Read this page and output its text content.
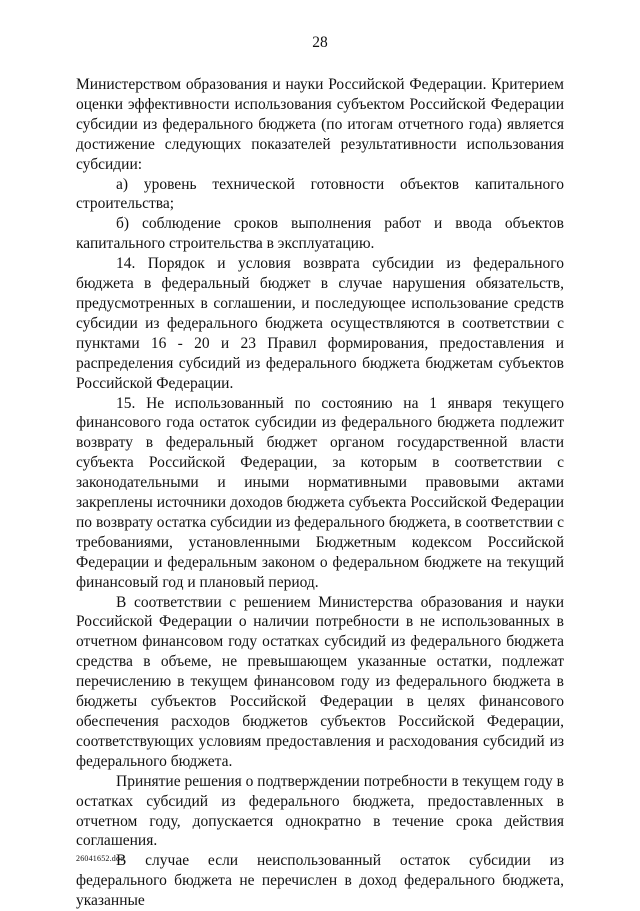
28

Министерством образования и науки Российской Федерации. Критерием оценки эффективности использования субъектом Российской Федерации субсидии из федерального бюджета (по итогам отчетного года) является достижение следующих показателей результативности использования субсидии:

а) уровень технической готовности объектов капитального строительства;

б) соблюдение сроков выполнения работ и ввода объектов капитального строительства в эксплуатацию.

14. Порядок и условия возврата субсидии из федерального бюджета в федеральный бюджет в случае нарушения обязательств, предусмотренных в соглашении, и последующее использование средств субсидии из федерального бюджета осуществляются в соответствии с пунктами 16 - 20 и 23 Правил формирования, предоставления и распределения субсидий из федерального бюджета бюджетам субъектов Российской Федерации.

15. Не использованный по состоянию на 1 января текущего финансового года остаток субсидии из федерального бюджета подлежит возврату в федеральный бюджет органом государственной власти субъекта Российской Федерации, за которым в соответствии с законодательными и иными нормативными правовыми актами закреплены источники доходов бюджета субъекта Российской Федерации по возврату остатка субсидии из федерального бюджета, в соответствии с требованиями, установленными Бюджетным кодексом Российской Федерации и федеральным законом о федеральном бюджете на текущий финансовый год и плановый период.

В соответствии с решением Министерства образования и науки Российской Федерации о наличии потребности в не использованных в отчетном финансовом году остатках субсидий из федерального бюджета средства в объеме, не превышающем указанные остатки, подлежат перечислению в текущем финансовом году из федерального бюджета в бюджеты субъектов Российской Федерации в целях финансового обеспечения расходов бюджетов субъектов Российской Федерации, соответствующих условиям предоставления и расходования субсидий из федерального бюджета.

Принятие решения о подтверждении потребности в текущем году в остатках субсидий из федерального бюджета, предоставленных в отчетном году, допускается однократно в течение срока действия соглашения.

В случае если неиспользованный остаток субсидии из федерального бюджета не перечислен в доход федерального бюджета, указанные

26041652.doc
